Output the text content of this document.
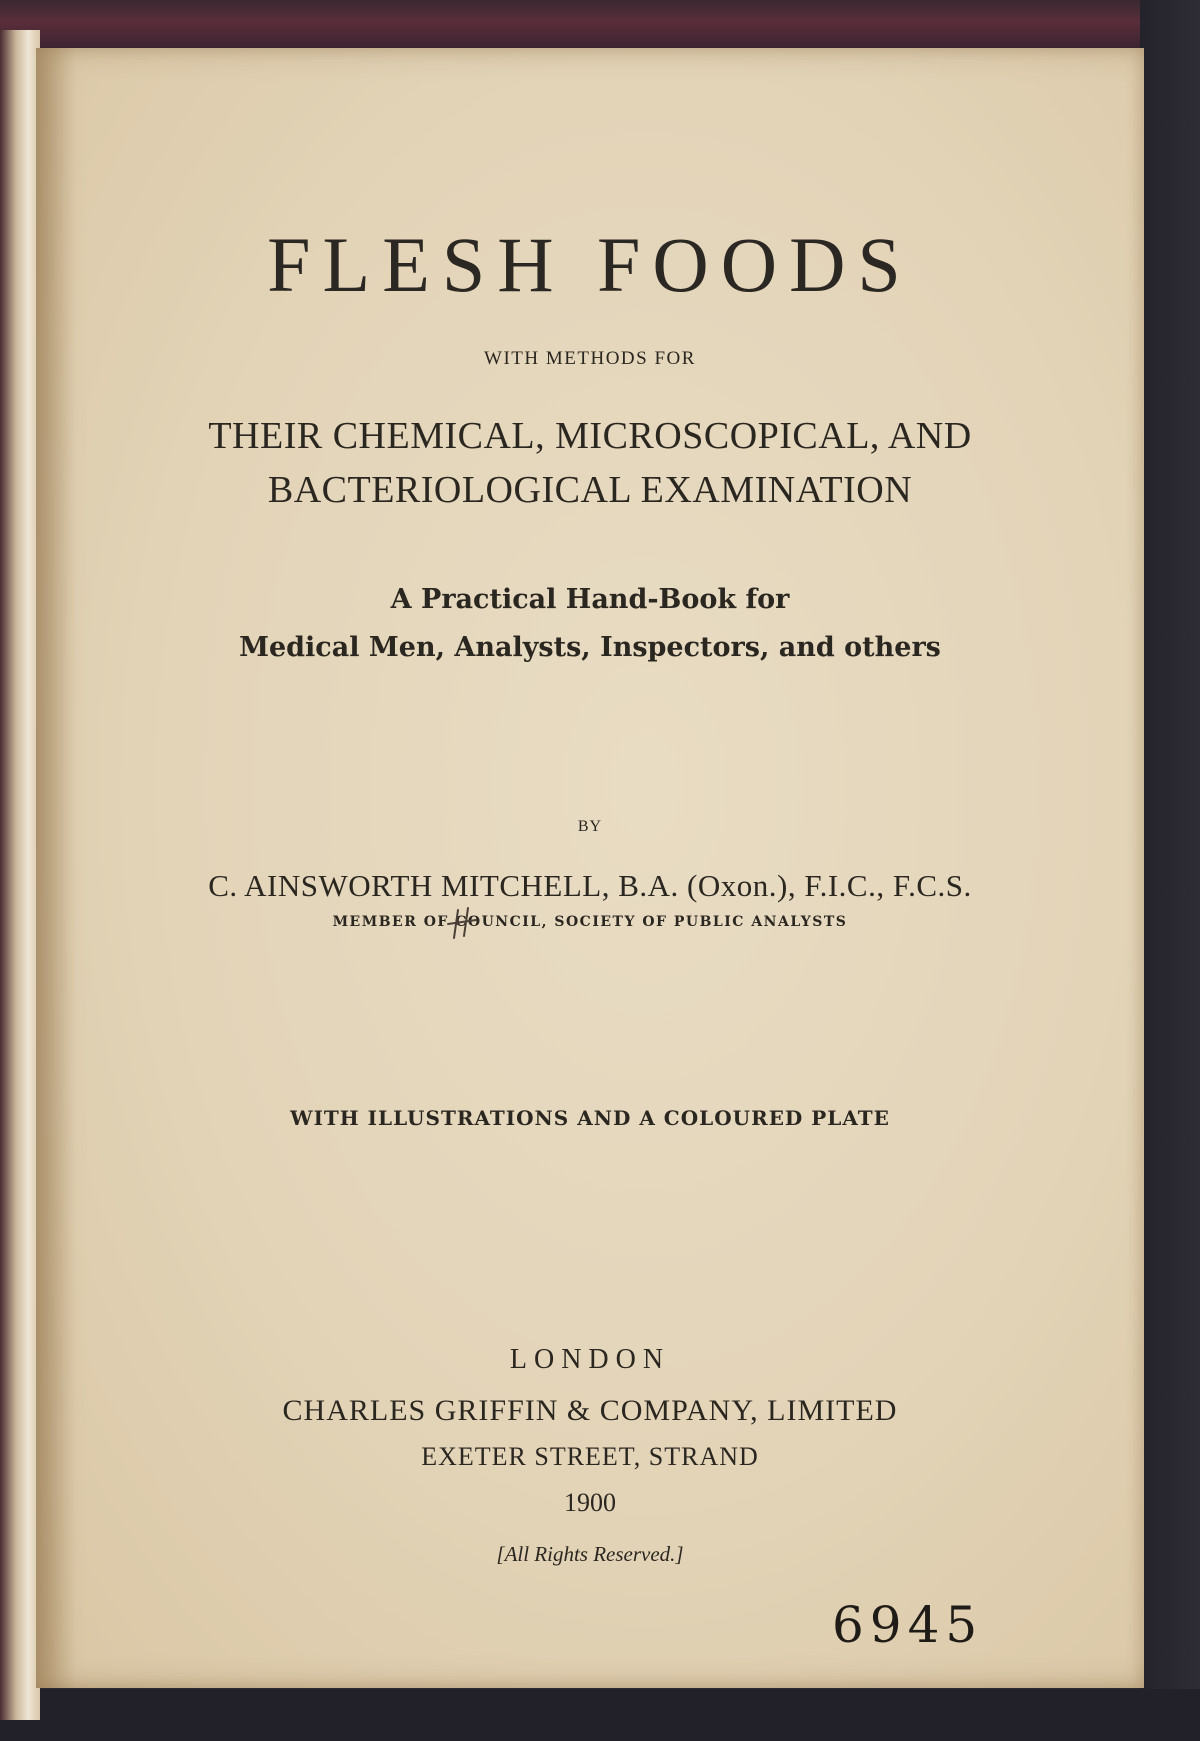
FLESH FOODS
WITH METHODS FOR
THEIR CHEMICAL, MICROSCOPICAL, AND
BACTERIOLOGICAL EXAMINATION
A Practical Hand-Book for
Medical Men, Analysts, Inspectors, and others
BY
C. AINSWORTH MITCHELL, B.A. (Oxon.), F.I.C., F.C.S.
MEMBER OF COUNCIL, SOCIETY OF PUBLIC ANALYSTS
WITH ILLUSTRATIONS AND A COLOURED PLATE
LONDON
CHARLES GRIFFIN & COMPANY, LIMITED
EXETER STREET, STRAND
1900
[All Rights Reserved.]
6945
